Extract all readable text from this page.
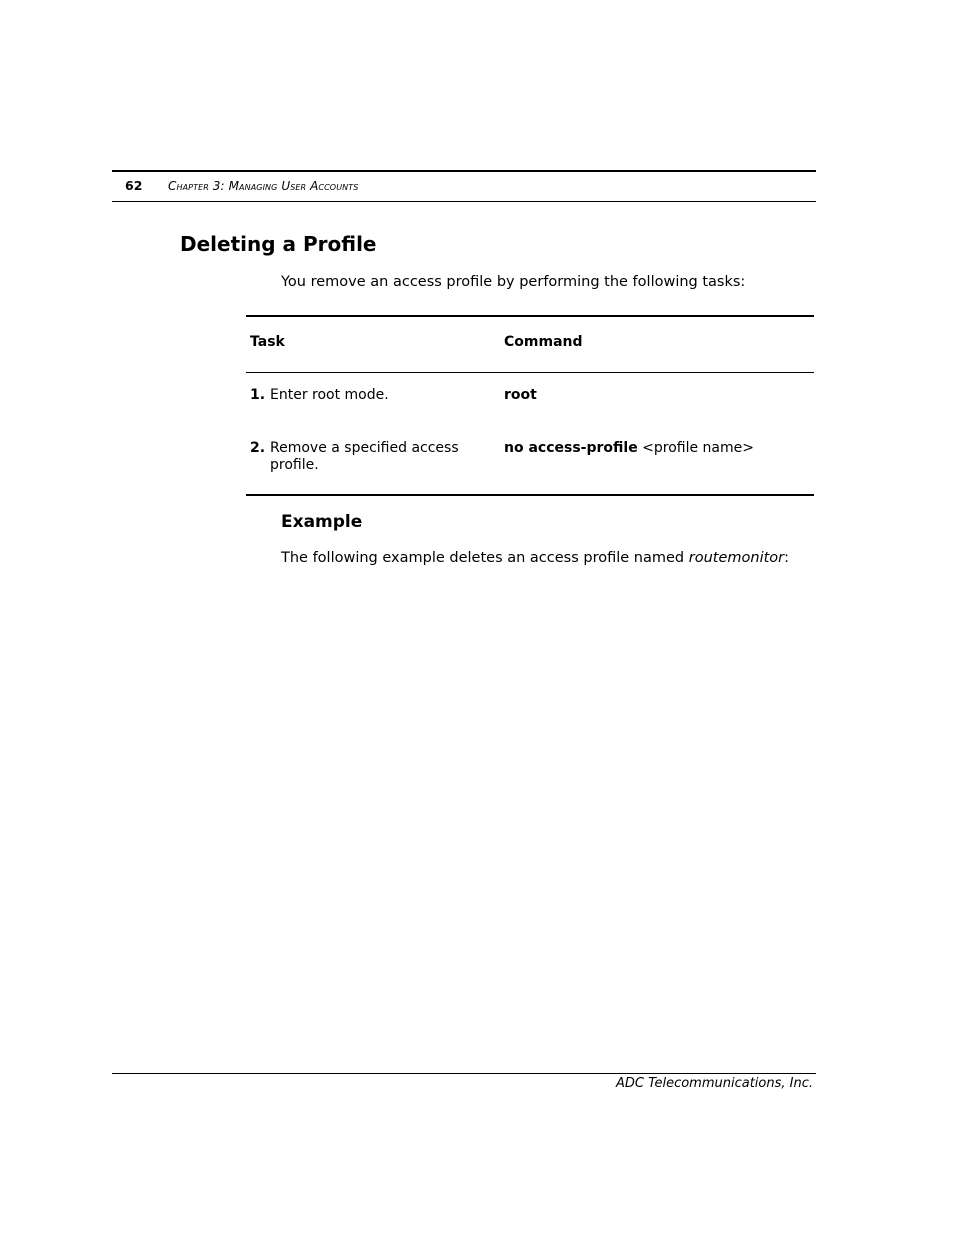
62 Chapter 3: Managing User Accounts
Deleting a Profile
You remove an access profile by performing the following tasks:
Task	Command
1. Enter root mode.	root
2. Remove a specified access profile.
no access-profile <profile name>
Example
The following example deletes an access profile named routemonitor:
ADC Telecommunications, Inc.
